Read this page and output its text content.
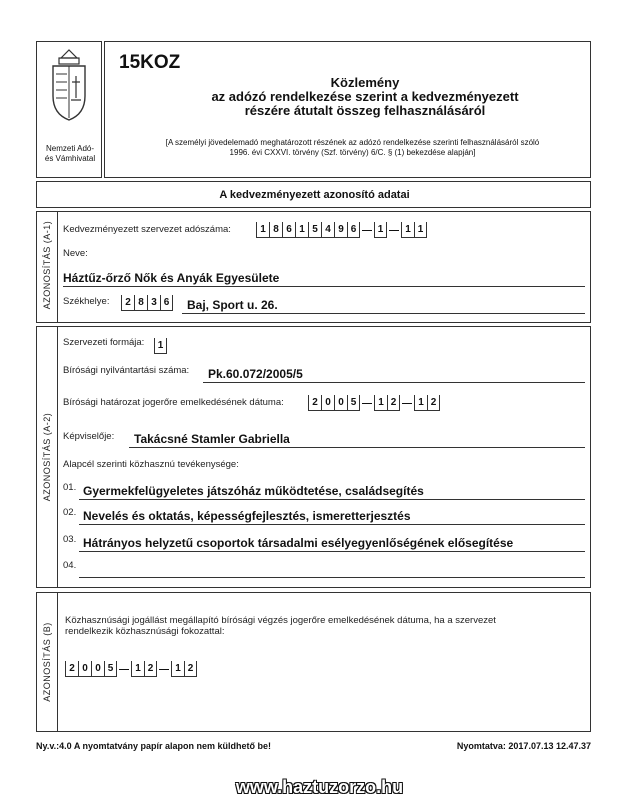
Nemzeti Adó-
és Vámhivatal
15KOZ
Közlemény
az adózó rendelkezése szerint a kedvezményezett
részére átutalt összeg felhasználásáról
[A személyi jövedelemadó meghatározott részének az adózó rendelkezése szerinti felhasználásáról szóló
1996. évi CXXVI. törvény (Szf. törvény) 6/C. § (1) bekezdése alapján]
A kedvezményezett azonosító adatai
AZONOSÍTÁS (A-1) Kedvezményezett szervezet adószáma:	1 8 6 1 5 4 9 6 — 1 — 1 1
Neve:
Háztűz-őrző Nők és Anyák Egyesülete
Székhelye:	2 8 3 6	Baj, Sport u. 26.
AZONOSÍTÁS (A-2)
Szervezeti formája:	1
Bírósági nyilvántartási száma: Pk.60.072/2005/5
Bírósági határozat jogerőre emelkedésének dátuma:	2 0 0 5 — 1 2 — 1 2
Képviselője: Takácsné Stamler Gabriella
Alapcél szerinti közhasznú tevékenysége:
01. Gyermekfelügyeletes játszóház működtetése, családsegítés
02. Nevelés és oktatás, képességfejlesztés, ismeretterjesztés
03. Hátrányos helyzetű csoportok társadalmi esélyegyenlőségének elősegítése
04.
AZONOSÍTÁS (B)
Közhasznúsági jogállást megállapító bírósági végzés jogerőre emelkedésének dátuma, ha a szervezet
rendelkezik közhasznúsági fokozattal:
2 0 0 5 — 1 2 — 1 2
Ny.v.:4.0 A nyomtatvány papír alapon nem küldhető be!	Nyomtatva: 2017.07.13 12.47.37
www.haztuzorzo.hu
